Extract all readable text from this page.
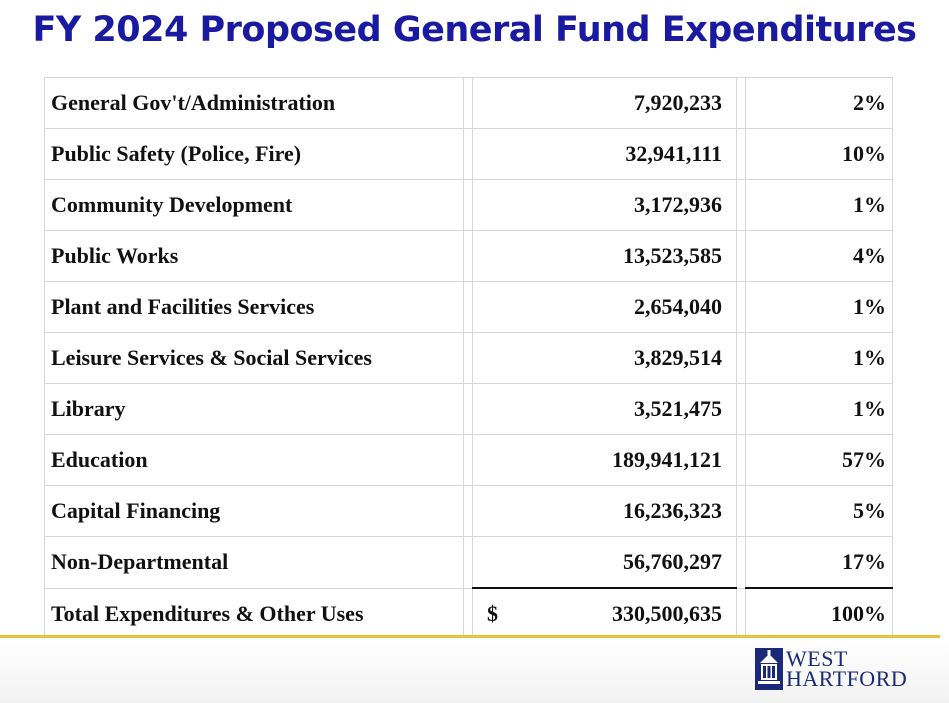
FY 2024 Proposed General Fund Expenditures
General Gov't/Administration		7,920,233		2%
Public Safety (Police, Fire)		32,941,111		10%
Community Development		3,172,936		1%
Public Works		13,523,585		4%
Plant and Facilities Services		2,654,040		1%
Leisure Services & Social Services		3,829,514		1%
Library		3,521,475		1%
Education		189,941,121		57%
Capital Financing		16,236,323		5%
Non-Departmental		56,760,297		17%
Total Expenditures & Other Uses		$ 330,500,635		100%
WEST
HARTFORD
